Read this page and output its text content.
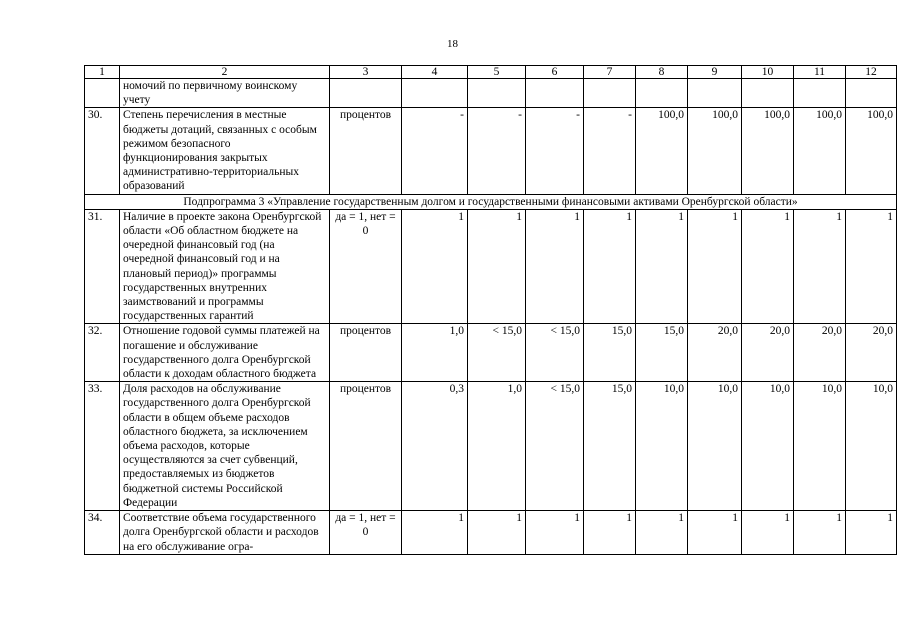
18
1	2	3	4	5	6	7	8	9	10	11	12
	номочий по первичному воинскому учету										
30.	Степень перечисления в местные бюджеты дотаций, связанных с особым режимом безопасного функционирования закрытых административно-территориальных образований	процентов	-	-	-	-	100,0	100,0	100,0	100,0	100,0
Подпрограмма 3 «Управление государственным долгом и государственными финансовыми активами Оренбургской области»											
31.	Наличие в проекте закона Оренбургской области «Об областном бюджете на очередной финансовый год (на очередной финансовый год и на плановый период)» программы государственных внутренних заимствований и программы государственных гарантий	да = 1, нет = 0	1	1	1	1	1	1	1	1	1
32.	Отношение годовой суммы платежей на погашение и обслуживание государственного долга Оренбургской области к доходам областного бюджета	процентов	1,0	< 15,0	< 15,0	15,0	15,0	20,0	20,0	20,0	20,0
33.	Доля расходов на обслуживание государственного долга Оренбургской области в общем объеме расходов областного бюджета, за исключением объема расходов, которые осуществляются за счет субвенций, предоставляемых из бюджетов бюджетной системы Российской Федерации	процентов	0,3	1,0	< 15,0	15,0	10,0	10,0	10,0	10,0	10,0
34.	Соответствие объема государственного долга Оренбургской области и расходов на его обслуживание огра-	да = 1, нет = 0	1	1	1	1	1	1	1	1	1
